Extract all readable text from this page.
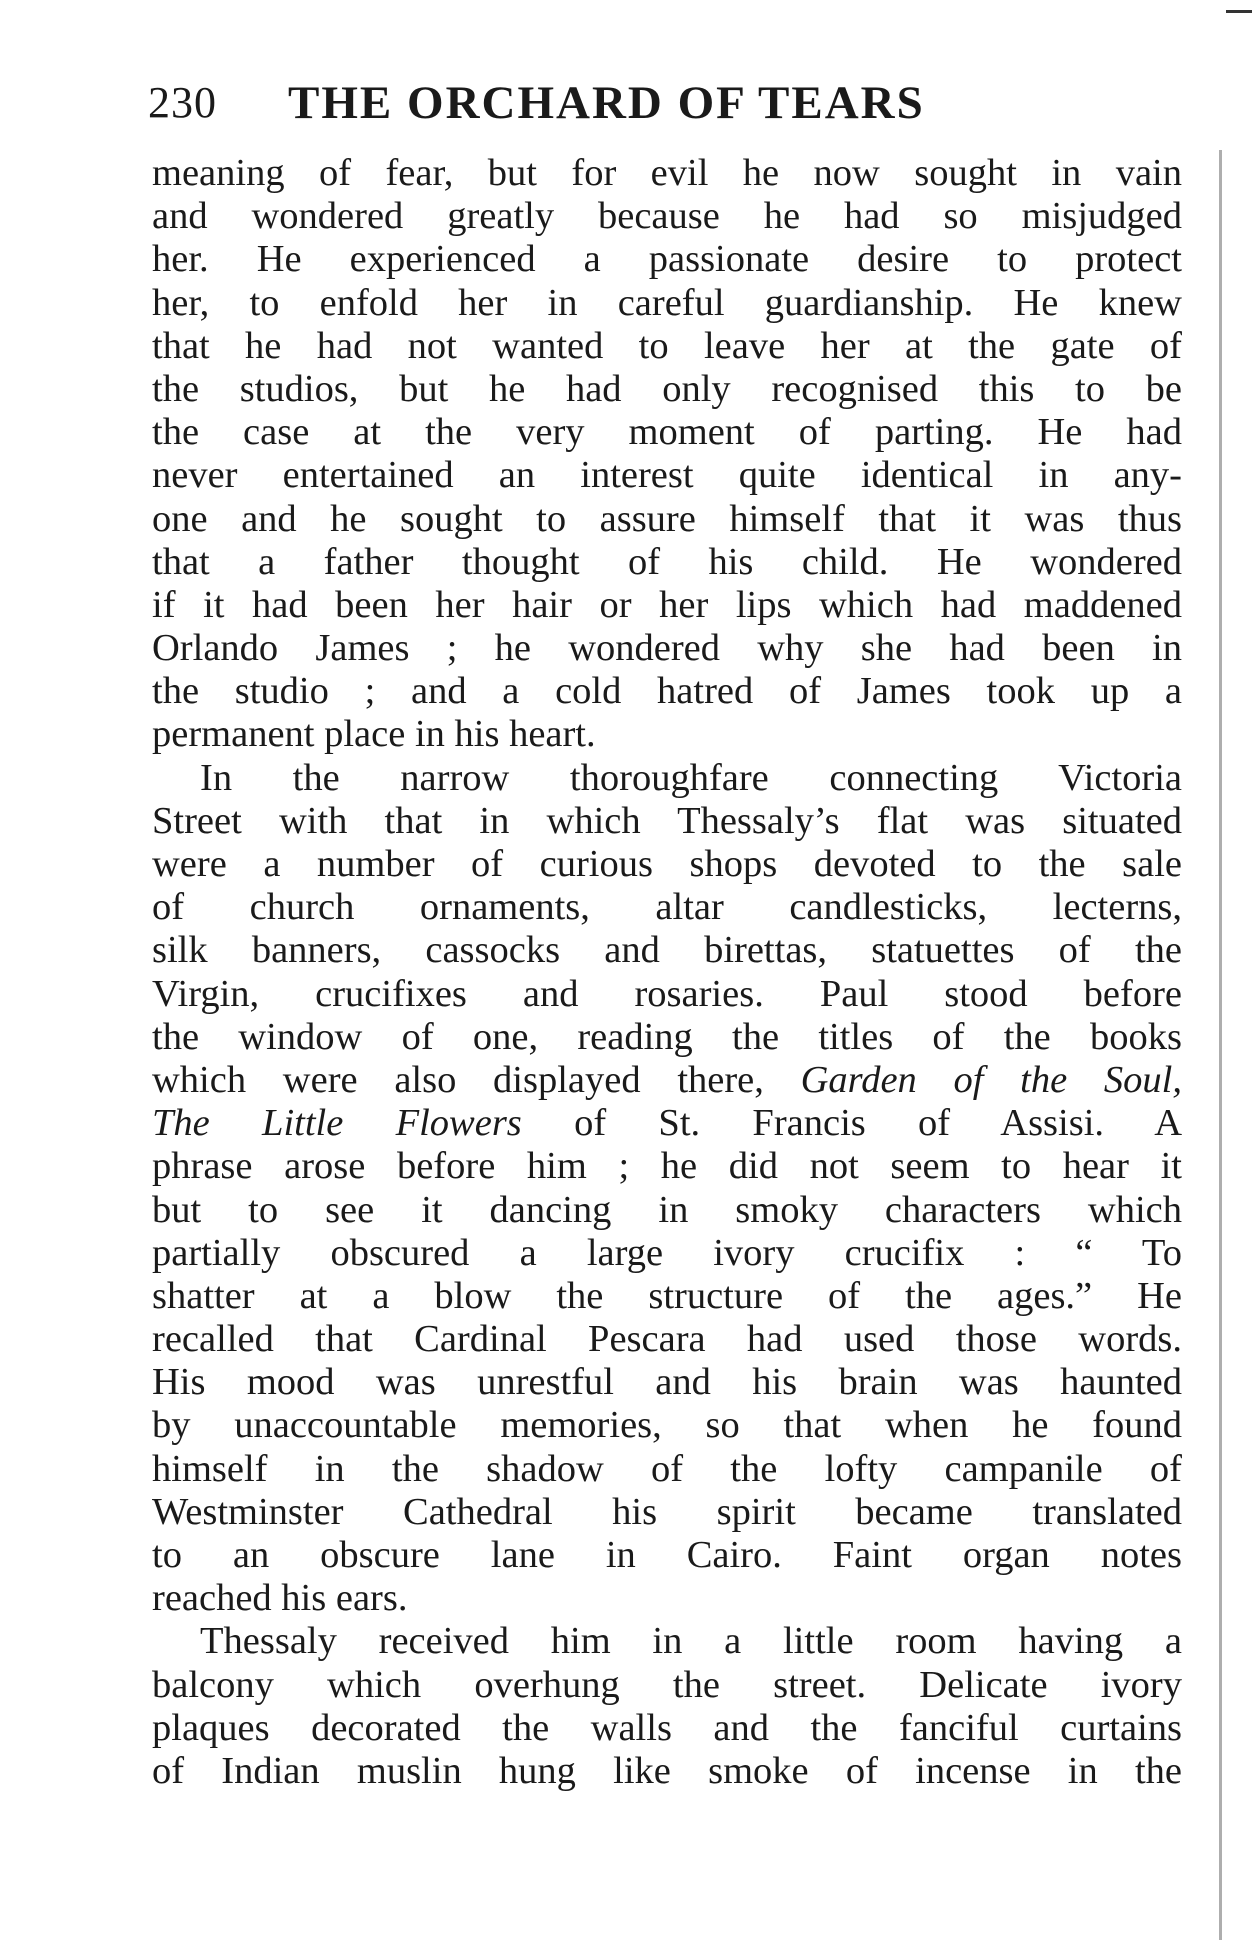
230 THE ORCHARD OF TEARS
meaning of fear, but for evil he now sought in vain
and wondered greatly because he had so misjudged
her. He experienced a passionate desire to protect
her, to enfold her in careful guardianship. He knew
that he had not wanted to leave her at the gate of
the studios, but he had only recognised this to be
the case at the very moment of parting. He had
never entertained an interest quite identical in any-
one and he sought to assure himself that it was thus
that a father thought of his child. He wondered
if it had been her hair or her lips which had maddened
Orlando James ; he wondered why she had been in
the studio ; and a cold hatred of James took up a
permanent place in his heart.
In the narrow thoroughfare connecting Victoria
Street with that in which Thessaly’s flat was situated
were a number of curious shops devoted to the sale
of church ornaments, altar candlesticks, lecterns,
silk banners, cassocks and birettas, statuettes of the
Virgin, crucifixes and rosaries. Paul stood before
the window of one, reading the titles of the books
which were also displayed there, Garden of the Soul,
The Little Flowers of St. Francis of Assisi. A
phrase arose before him ; he did not seem to hear it
but to see it dancing in smoky characters which
partially obscured a large ivory crucifix : “ To
shatter at a blow the structure of the ages.” He
recalled that Cardinal Pescara had used those words.
His mood was unrestful and his brain was haunted
by unaccountable memories, so that when he found
himself in the shadow of the lofty campanile of
Westminster Cathedral his spirit became translated
to an obscure lane in Cairo. Faint organ notes
reached his ears.
Thessaly received him in a little room having a
balcony which overhung the street. Delicate ivory
plaques decorated the walls and the fanciful curtains
of Indian muslin hung like smoke of incense in the
